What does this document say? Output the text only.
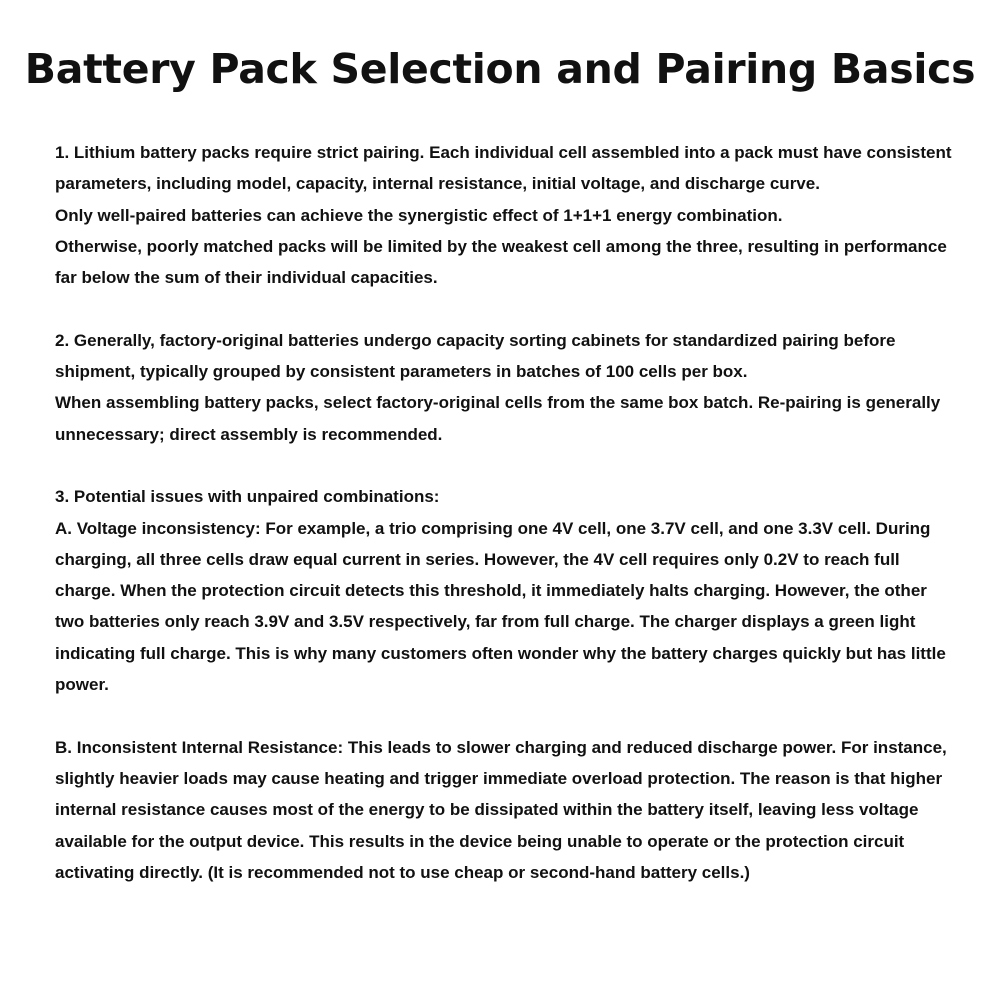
Battery Pack Selection and Pairing Basics

1. Lithium battery packs require strict pairing. Each individual cell assembled into a pack must have consistent parameters, including model, capacity, internal resistance, initial voltage, and discharge curve.

Only well-paired batteries can achieve the synergistic effect of 1+1+1 energy combination.

Otherwise, poorly matched packs will be limited by the weakest cell among the three, resulting in performance far below the sum of their individual capacities.

2. Generally, factory-original batteries undergo capacity sorting cabinets for standardized pairing before shipment, typically grouped by consistent parameters in batches of 100 cells per box.

When assembling battery packs, select factory-original cells from the same box batch. Re-pairing is generally unnecessary; direct assembly is recommended.

3. Potential issues with unpaired combinations:

A. Voltage inconsistency: For example, a trio comprising one 4V cell, one 3.7V cell, and one 3.3V cell. During charging, all three cells draw equal current in series. However, the 4V cell requires only 0.2V to reach full charge. When the protection circuit detects this threshold, it immediately halts charging. However, the other two batteries only reach 3.9V and 3.5V respectively, far from full charge. The charger displays a green light indicating full charge. This is why many customers often wonder why the battery charges quickly but has little power.

B. Inconsistent Internal Resistance: This leads to slower charging and reduced discharge power. For instance, slightly heavier loads may cause heating and trigger immediate overload protection. The reason is that higher internal resistance causes most of the energy to be dissipated within the battery itself, leaving less voltage available for the output device. This results in the device being unable to operate or the protection circuit activating directly. (It is recommended not to use cheap or second-hand battery cells.)
